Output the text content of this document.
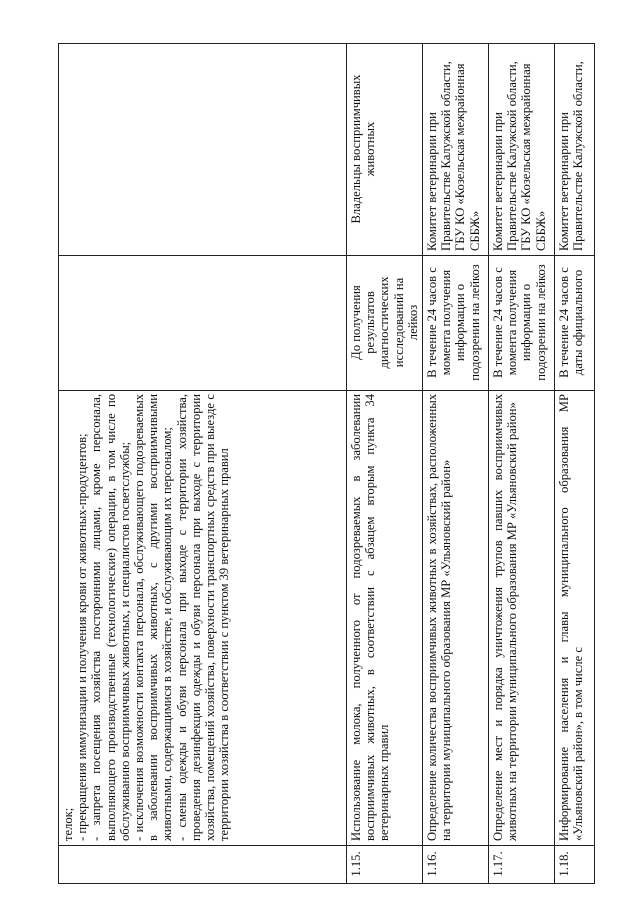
	телок; - прекращения иммунизации и получения крови от животных-продуцентов; - запрета посещения хозяйства посторонними лицами, кроме персонала, выполняющего производственные (технологические) операции, в том числе по обслуживанию восприимчивых животных, и специалистов госветслужбы; - исключения возможности контакта персонала, обслуживающего подозреваемых в заболевании восприимчивых животных, с другими восприимчивыми животными, содержащимися в хозяйстве, и обслуживающим их персоналом; - смены одежды и обуви персонала при выходе с территории хозяйства, проведения дезинфекции одежды и обуви персонала при выходе с территории хозяйства, помещений хозяйства, поверхности транспортных средств при выезде с территории хозяйства в соответствии с пунктом 39 ветеринарных правил		

1.15.	Использование молока, полученного от подозреваемых в заболевании восприимчивых животных, в соответствии с абзацем вторым пункта 34 ветеринарных правил	До получения результатов диагностических исследований на лейкоз	Владельцы восприимчивых животных
1.16.	Определение количества восприимчивых животных в хозяйствах, расположенных на территории муниципального образования МР «Ульяновский район»	В течение 24 часов с момента получения информации о подозрении на лейкоз	Комитет ветеринарии при Правительстве Калужской области, ГБУ КО «Козельская межрайонная СББЖ»
1.17.	Определение мест и порядка уничтожения трупов павших восприимчивых животных на территории муниципального образования МР «Ульяновский район»	В течение 24 часов с момента получения информации о подозрении на лейкоз	Комитет ветеринарии при Правительстве Калужской области, ГБУ КО «Козельская межрайонная СББЖ»
1.18.	Информирование населения и главы муниципального образования МР «Ульяновский район», в том числе с	В течение 24 часов с даты официального	Комитет ветеринарии при Правительстве Калужской области,
